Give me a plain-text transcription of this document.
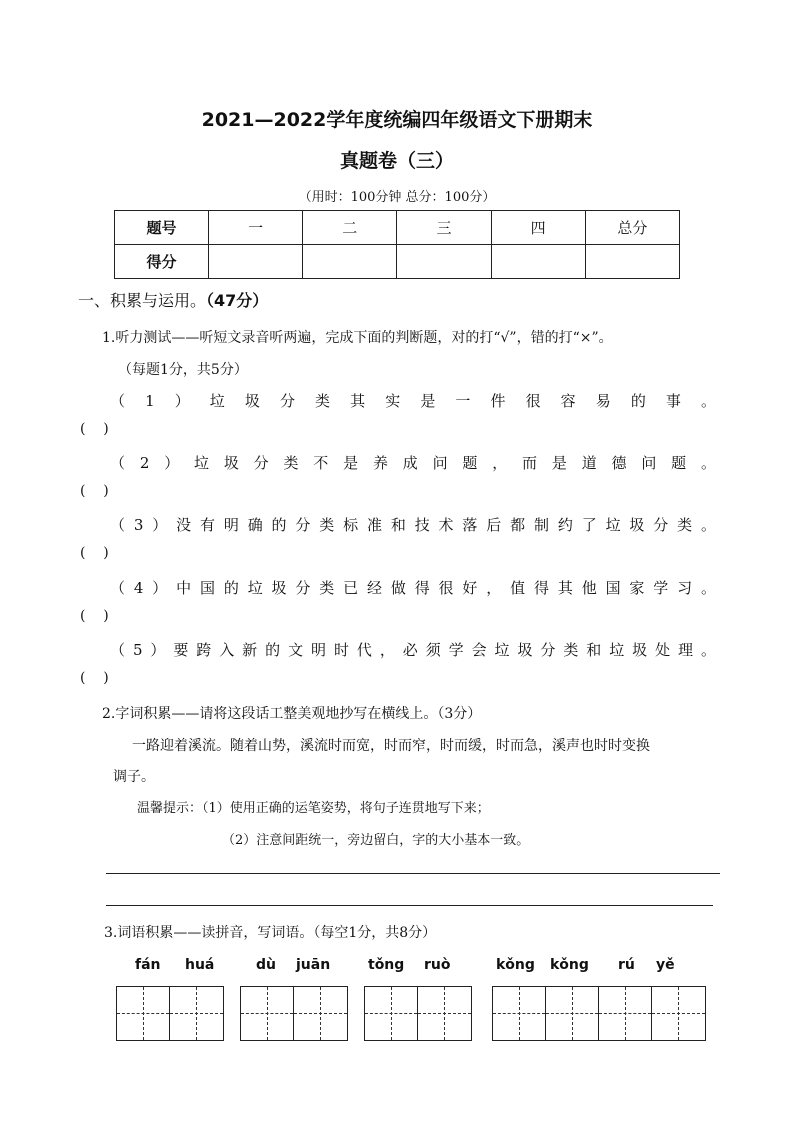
2021—2022学年度统编四年级语文下册期末
真题卷（三）
（用时：100分钟 总分：100分）
题号	一	二	三	四	总分
得分					
一、积累与运用。（47分）
1.听力测试——听短文录音听两遍，完成下面的判断题，对的打“√”，错的打“×”。
（每题1分，共5分）
（1）垃圾分类其实是一件很容易的事。
(    )
（2）垃圾分类不是养成问题，而是道德问题。
(    )
（3）没有明确的分类标准和技术落后都制约了垃圾分类。
(    )
（4）中国的垃圾分类已经做得很好，值得其他国家学习。
(    )
（5）要跨入新的文明时代，必须学会垃圾分类和垃圾处理。
(    )
2.字词积累——请将这段话工整美观地抄写在横线上。（3分）
一路迎着溪流。随着山势，溪流时而宽，时而窄，时而缓，时而急，溪声也时时变换
调子。
温馨提示：（1）使用正确的运笔姿势，将句子连贯地写下来；
（2）注意间距统一，旁边留白，字的大小基本一致。
3.词语积累——读拼音，写词语。（每空1分，共8分）
fán huá	dù juān	tǒng ruò	kǒng kǒng rú yě
